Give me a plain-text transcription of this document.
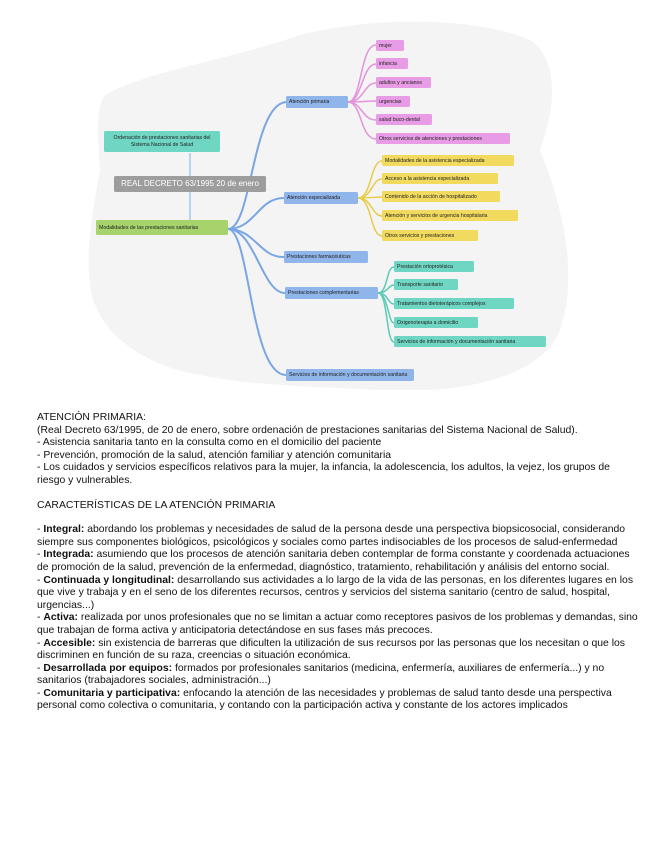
Ordenación de prestaciones sanitarias del Sistema Nacional de Salud
REAL DECRETO 63/1995 20 de enero
Modalidades de las prestaciones sanitarias
Atención primaria
Atención especializada
Prestaciones farmacéuticas
Prestaciones complementarias
Servicios de información y documentación sanitaria
mujer
infancia
adultos y ancianos
urgencias
salud buco-dental
Otros servicios de atenciones y prestaciones
Modalidades de la asistencia especializada
Acceso a la asistencia especializada
Contenido de la acción de hospitalizado
Atención y servicios de urgencia hospitalaria
Otros servicios y prestaciones
Prestación ortoprotésica
Transporte sanitario
Tratamientos dietoterápicos complejos
Oxigenoterapia a domicilio
Servicios de información y documentación sanitaria

ATENCIÓN PRIMARIA:

(Real Decreto 63/1995, de 20 de enero, sobre ordenación de prestaciones sanitarias del Sistema Nacional de Salud).

- Asistencia sanitaria tanto en la consulta como en el domicilio del paciente

- Prevención, promoción de la salud, atención familiar y atención comunitaria

- Los cuidados y servicios específicos relativos para la mujer, la infancia, la adolescencia, los adultos, la vejez, los grupos de riesgo y vulnerables.

CARACTERÍSTICAS DE LA ATENCIÓN PRIMARIA

- Integral: abordando los problemas y necesidades de salud de la persona desde una perspectiva biopsicosocial, considerando siempre sus componentes biológicos, psicológicos y sociales como partes indisociables de los procesos de salud-enfermedad

- Integrada: asumiendo que los procesos de atención sanitaria deben contemplar de forma constante y coordenada actuaciones de promoción de la salud, prevención de la enfermedad, diagnóstico, tratamiento, rehabilitación y análisis del entorno social.

- Continuada y longitudinal: desarrollando sus actividades a lo largo de la vida de las personas, en los diferentes lugares en los que vive y trabaja y en el seno de los diferentes recursos, centros y servicios del sistema sanitario (centro de salud, hospital, urgencias...)

- Activa: realizada por unos profesionales que no se limitan a actuar como receptores pasivos de los problemas y demandas, sino que trabajan de forma activa y anticipatoria detectándose en sus fases más precoces.

- Accesible: sin existencia de barreras que dificulten la utilización de sus recursos por las personas que los necesitan o que los discriminen en función de su raza, creencias o situación económica.

- Desarrollada por equipos: formados por profesionales sanitarios (medicina, enfermería, auxiliares de enfermería...) y no sanitarios (trabajadores sociales, administración...)

- Comunitaria y participativa: enfocando la atención de las necesidades y problemas de salud tanto desde una perspectiva personal como colectiva o comunitaria, y contando con la participación activa y constante de los actores implicados
